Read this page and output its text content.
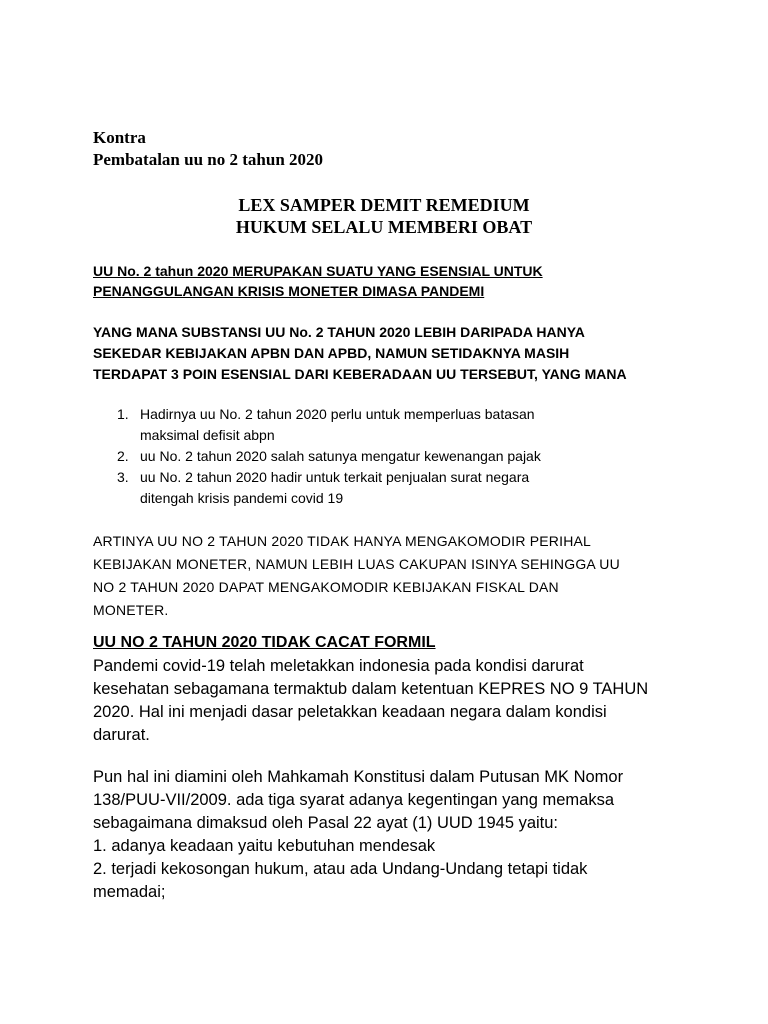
Kontra
Pembatalan uu no 2 tahun 2020
LEX SAMPER DEMIT REMEDIUM
HUKUM SELALU MEMBERI OBAT
UU No. 2 tahun 2020 MERUPAKAN SUATU YANG ESENSIAL UNTUK
PENANGGULANGAN KRISIS MONETER DIMASA PANDEMI
YANG MANA SUBSTANSI UU No. 2 TAHUN 2020 LEBIH DARIPADA HANYA
SEKEDAR KEBIJAKAN APBN DAN APBD, NAMUN SETIDAKNYA MASIH
TERDAPAT 3 POIN ESENSIAL DARI KEBERADAAN UU TERSEBUT, YANG MANA
1. Hadirnya uu No. 2 tahun 2020 perlu untuk memperluas batasan
maksimal defisit abpn
2. uu No. 2 tahun 2020 salah satunya mengatur kewenangan pajak
3. uu No. 2 tahun 2020 hadir untuk terkait penjualan surat negara
ditengah krisis pandemi covid 19
ARTINYA UU NO 2 TAHUN 2020 TIDAK HANYA MENGAKOMODIR PERIHAL
KEBIJAKAN MONETER, NAMUN LEBIH LUAS CAKUPAN ISINYA SEHINGGA UU
NO 2 TAHUN 2020 DAPAT MENGAKOMODIR KEBIJAKAN FISKAL DAN
MONETER.
UU NO 2 TAHUN 2020 TIDAK CACAT FORMIL
Pandemi covid-19 telah meletakkan indonesia pada kondisi darurat
kesehatan sebagamana termaktub dalam ketentuan KEPRES NO 9 TAHUN
2020. Hal ini menjadi dasar peletakkan keadaan negara dalam kondisi
darurat.
Pun hal ini diamini oleh Mahkamah Konstitusi dalam Putusan MK Nomor
138/PUU-VII/2009. ada tiga syarat adanya kegentingan yang memaksa
sebagaimana dimaksud oleh Pasal 22 ayat (1) UUD 1945 yaitu:
1. adanya keadaan yaitu kebutuhan mendesak
2. terjadi kekosongan hukum, atau ada Undang-Undang tetapi tidak
memadai;
